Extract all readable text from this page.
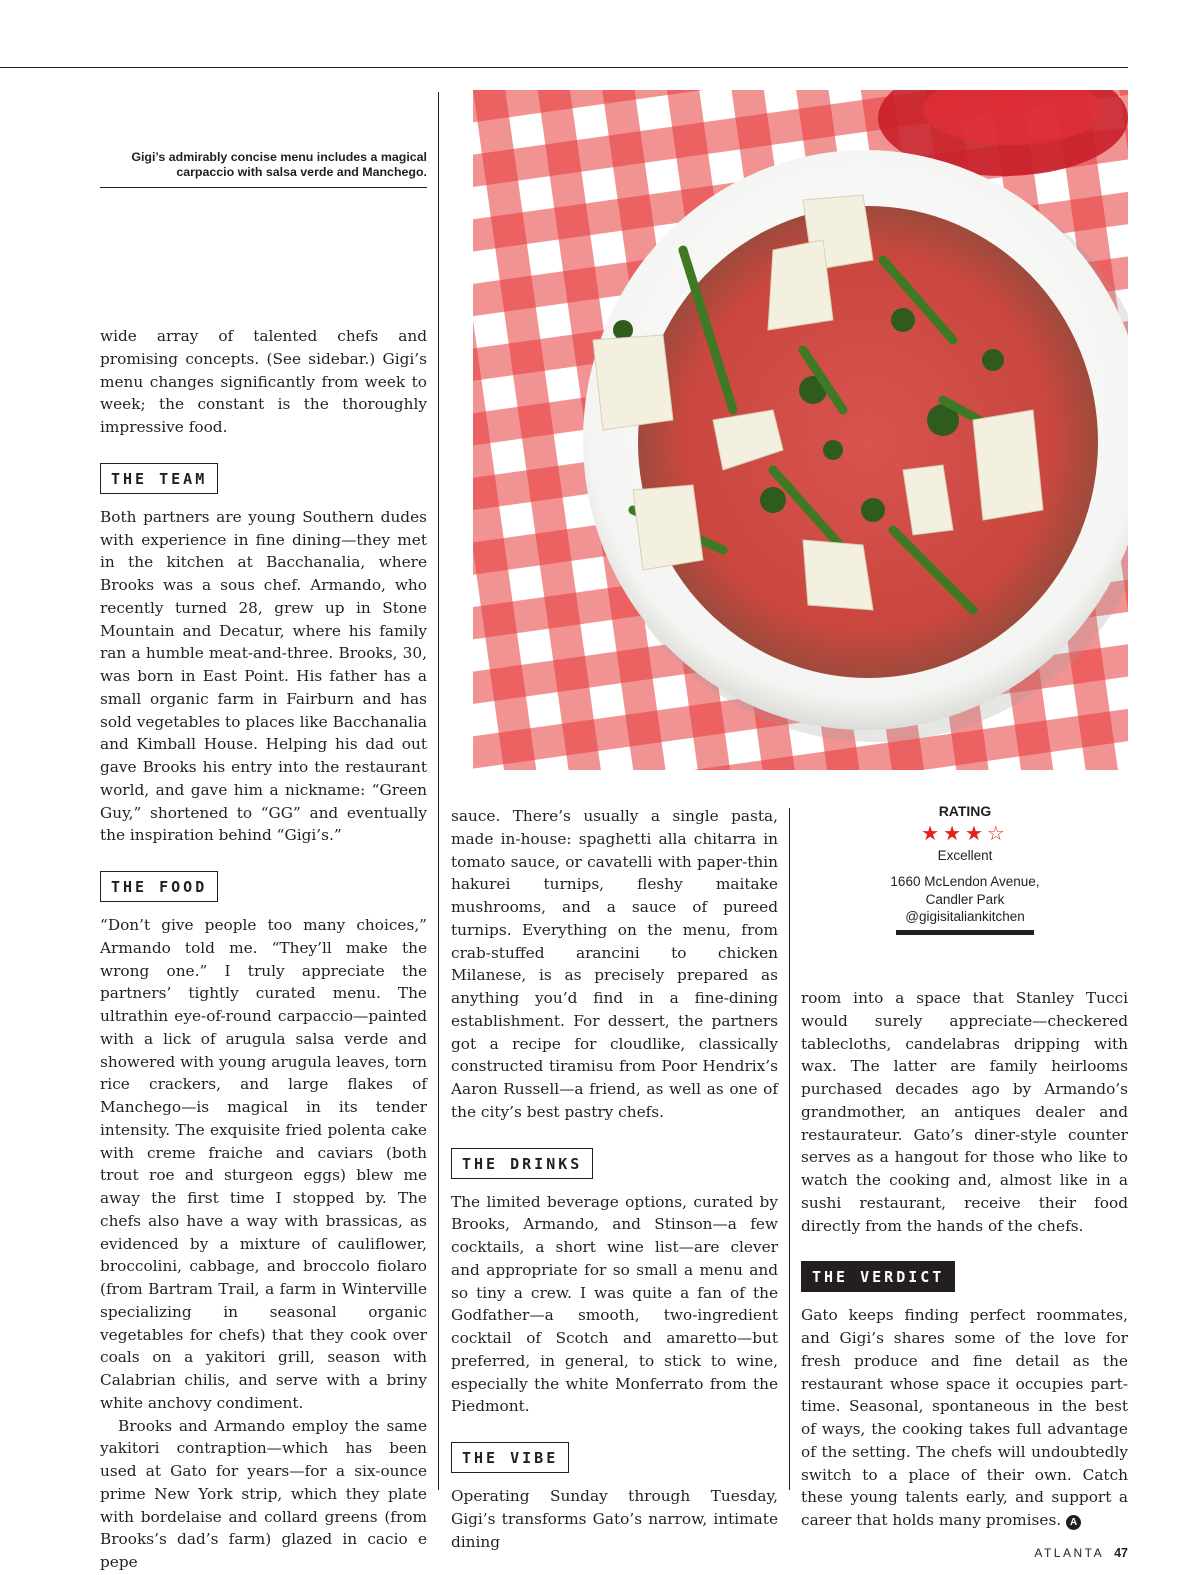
Gigi’s admirably concise menu includes a magical carpaccio with salsa verde and Manchego.

wide array of talented chefs and promising concepts. (See sidebar.) Gigi’s menu changes significantly from week to week; the constant is the thoroughly impressive food.

THE TEAM

Both partners are young Southern dudes with experience in fine dining—they met in the kitchen at Bacchanalia, where Brooks was a sous chef. Armando, who recently turned 28, grew up in Stone Mountain and Decatur, where his family ran a humble meat-and-three. Brooks, 30, was born in East Point. His father has a small organic farm in Fairburn and has sold vegetables to places like Bacchanalia and Kimball House. Helping his dad out gave Brooks his entry into the restaurant world, and gave him a nickname: “Green Guy,” shortened to “GG” and eventually the inspiration behind “Gigi’s.”

THE FOOD

“Don’t give people too many choices,” Armando told me. “They’ll make the wrong one.” I truly appreciate the partners’ tightly curated menu. The ultrathin eye-of-round carpaccio—painted with a lick of arugula salsa verde and showered with young arugula leaves, torn rice crackers, and large flakes of Manchego—is magical in its tender intensity. The exquisite fried polenta cake with creme fraiche and caviars (both trout roe and sturgeon eggs) blew me away the first time I stopped by. The chefs also have a way with brassicas, as evidenced by a mixture of cauliflower, broccolini, cabbage, and broccolo fiolaro (from Bartram Trail, a farm in Winterville specializing in seasonal organic vegetables for chefs) that they cook over coals on a yakitori grill, season with Calabrian chilis, and serve with a briny white anchovy condiment.

Brooks and Armando employ the same yakitori contraption—which has been used at Gato for years—for a six-ounce prime New York strip, which they plate with bordelaise and collard greens (from Brooks’s dad’s farm) glazed in cacio e pepe

sauce. There’s usually a single pasta, made in-house: spaghetti alla chitarra in tomato sauce, or cavatelli with paper-thin hakurei turnips, fleshy maitake mushrooms, and a sauce of pureed turnips. Everything on the menu, from crab-stuffed arancini to chicken Milanese, is as precisely prepared as anything you’d find in a fine-dining establishment. For dessert, the partners got a recipe for cloudlike, classically constructed tiramisu from Poor Hendrix’s Aaron Russell—a friend, as well as one of the city’s best pastry chefs.

THE DRINKS

The limited beverage options, curated by Brooks, Armando, and Stinson—a few cocktails, a short wine list—are clever and appropriate for so small a menu and so tiny a crew. I was quite a fan of the Godfather—a smooth, two-ingredient cocktail of Scotch and amaretto—but preferred, in general, to stick to wine, especially the white Monferrato from the Piedmont.

THE VIBE

Operating Sunday through Tuesday, Gigi’s transforms Gato’s narrow, intimate dining

RATING
★★★☆
Excellent
1660 McLendon Avenue,
Candler Park
@gigisitaliankitchen

room into a space that Stanley Tucci would surely appreciate—checkered tablecloths, candelabras dripping with wax. The latter are family heirlooms purchased decades ago by Armando’s grandmother, an antiques dealer and restaurateur. Gato’s diner-style counter serves as a hangout for those who like to watch the cooking and, almost like in a sushi restaurant, receive their food directly from the hands of the chefs.

THE VERDICT

Gato keeps finding perfect roommates, and Gigi’s shares some of the love for fresh produce and fine detail as the restaurant whose space it occupies part-time. Seasonal, spontaneous in the best of ways, the cooking takes full advantage of the setting. The chefs will undoubtedly switch to a place of their own. Catch these young talents early, and support a career that holds many promises. A

ATLANTA 47
